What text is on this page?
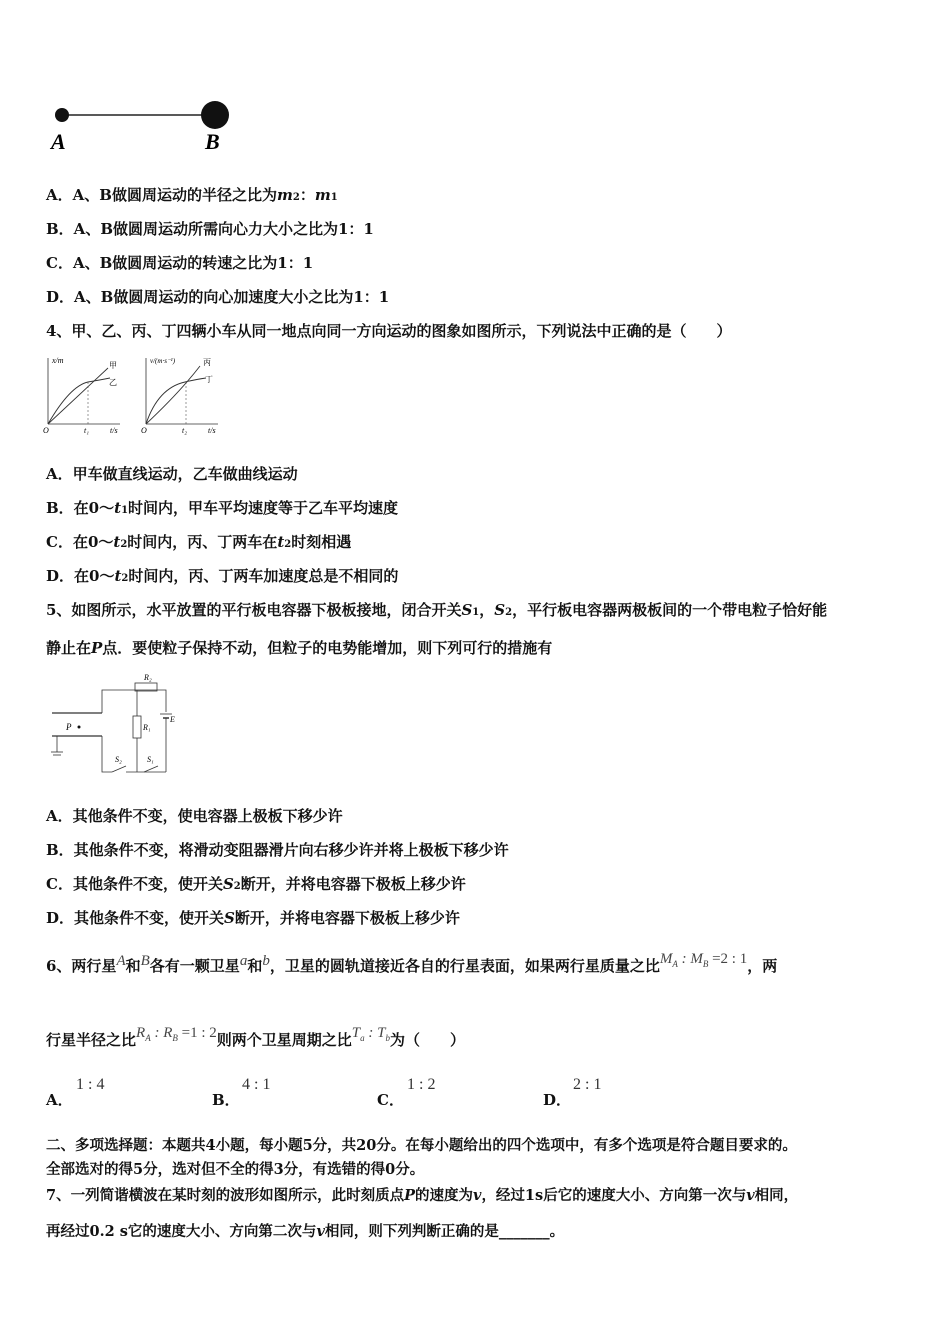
A	B
A．A、B做圆周运动的半径之比为m2：m1
B．A、B做圆周运动所需向心力大小之比为1：1
C．A、B做圆周运动的转速之比为1：1
D．A、B做圆周运动的向心加速度大小之比为1：1
4、甲、乙、丙、丁四辆小车从同一地点向同一方向运动的图象如图所示，下列说法中正确的是（　　）
x/m
t/s
O	t₁
甲
乙
v/(m·s⁻¹)
t/s
O	t₂
丙
丁
A．甲车做直线运动，乙车做曲线运动
B．在0～t1时间内，甲车平均速度等于乙车平均速度
C．在0～t2时间内，丙、丁两车在t2时刻相遇
D．在0～t2时间内，丙、丁两车加速度总是不相同的
5、如图所示，水平放置的平行板电容器下极板接地，闭合开关S1，S2，平行板电容器两极板间的一个带电粒子恰好能
静止在P点．要使粒子保持不动，但粒子的电势能增加，则下列可行的措施有
P
R₂
E
R₁
S₂	S₁
A．其他条件不变，使电容器上极板下移少许
B．其他条件不变，将滑动变阻器滑片向右移少许并将上极板下移少许
C．其他条件不变，使开关S2断开，并将电容器下极板上移少许
D．其他条件不变，使开关S断开，并将电容器下极板上移少许
6、两行星A和B各有一颗卫星a和b，卫星的圆轨道接近各自的行星表面，如果两行星质量之比$M_A$ : $M_B =2$ : 1，两
行星半径之比$R_A$ : $R_B =1$ : 2则两个卫星周期之比$T_a$ : $T_b$为（　　）
A．
1 : 4
B．
4 : 1
C．
1 : 2
D．
2 : 1
二、多项选择题：本题共4小题，每小题5分，共20分。在每小题给出的四个选项中，有多个选项是符合题目要求的。
全部选对的得5分，选对但不全的得3分，有选错的得0分。
7、一列简谐横波在某时刻的波形如图所示，此时刻质点P的速度为v，经过1s后它的速度大小、方向第一次与v相同，
再经过0.2 s它的速度大小、方向第二次与v相同，则下列判断正确的是_______。
